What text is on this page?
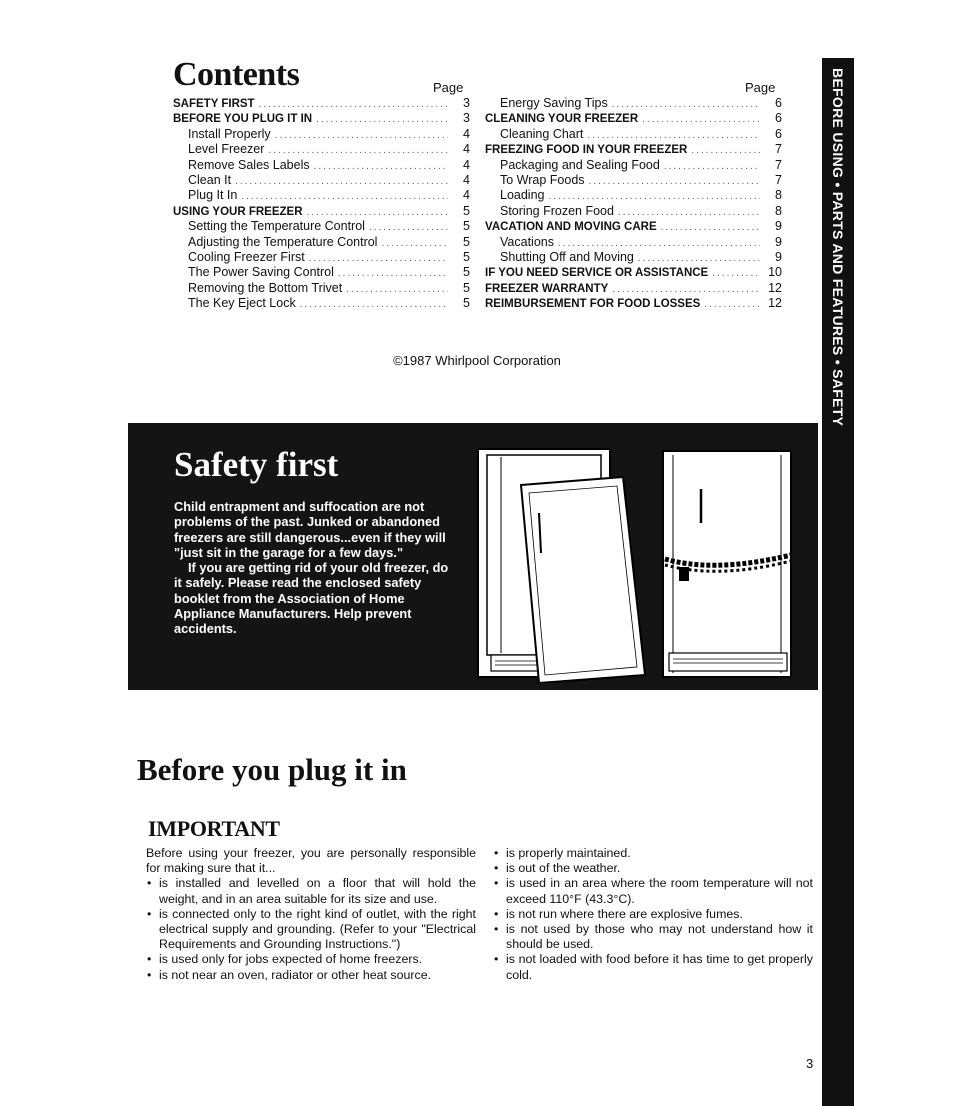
BEFORE USING • PARTS AND FEATURES • SAFETY
Contents	Page	Page
SAFETY FIRST .....	3
BEFORE YOU PLUG IT IN .....	3
Install Properly .....	4
Level Freezer .....	4
Remove Sales Labels .....	4
Clean It .....	4
Plug It In .....	4
USING YOUR FREEZER .....	5
Setting the Temperature Control .....	5
Adjusting the Temperature Control .....	5
Cooling Freezer First .....	5
The Power Saving Control .....	5
Removing the Bottom Trivet .....	5
The Key Eject Lock .....	5
Energy Saving Tips .....	6
CLEANING YOUR FREEZER .....	6
Cleaning Chart .....	6
FREEZING FOOD IN YOUR FREEZER .....	7
Packaging and Sealing Food .....	7
To Wrap Foods .....	7
Loading .....	8
Storing Frozen Food .....	8
VACATION AND MOVING CARE .....	9
Vacations .....	9
Shutting Off and Moving .....	9
IF YOU NEED SERVICE OR ASSISTANCE .....	10
FREEZER WARRANTY .....	12
REIMBURSEMENT FOR FOOD LOSSES .....	12
©1987 Whirlpool Corporation
Safety first

Child entrapment and suffocation are not problems of the past. Junked or abandoned freezers are still dangerous...even if they will "just sit in the garage for a few days."

If you are getting rid of your old freezer, do it safely. Please read the enclosed safety booklet from the Association of Home Appliance Manufacturers. Help prevent accidents.

Before you plug it in
IMPORTANT

Before using your freezer, you are personally responsible for making sure that it...

• is installed and levelled on a floor that will hold the weight, and in an area suitable for its size and use.
• is connected only to the right kind of outlet, with the right electrical supply and grounding. (Refer to your "Electrical Requirements and Grounding Instructions.")
• is used only for jobs expected of home freezers.
• is not near an oven, radiator or other heat source.
• is properly maintained.
• is out of the weather.
• is used in an area where the room temperature will not exceed 110°F (43.3°C).
• is not run where there are explosive fumes.
• is not used by those who may not understand how it should be used.
• is not loaded with food before it has time to get properly cold.
3
